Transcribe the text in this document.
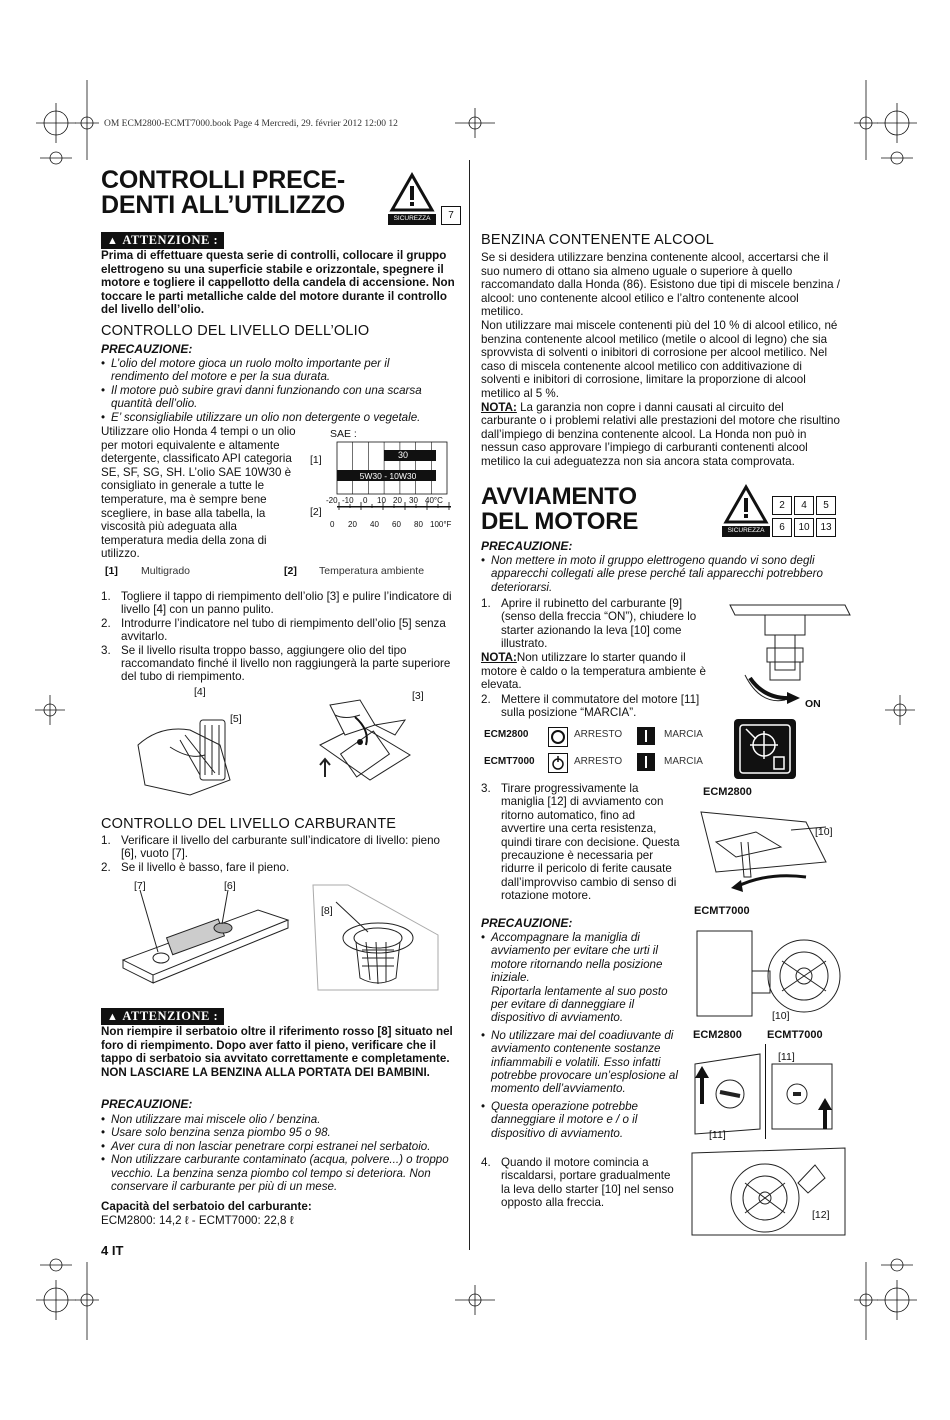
OM ECM2800-ECMT7000.book Page 4 Mercredi, 29. février 2012 12:00 12
CONTROLLI PRECE-
DENTI ALL’UTILIZZO	SICUREZZA	7
▲ ATTENZIONE :
Prima di effettuare questa serie di controlli, collocare il gruppo elettrogeno su una superficie stabile e orizzontale, spegnere il motore e togliere il cappellotto della candela di accensione. Non toccare le parti metalliche calde del motore durante il controllo del livello dell’olio.
CONTROLLO DEL LIVELLO DELL’OLIO
PRECAUZIONE:
• L’olio del motore gioca un ruolo molto importante per il rendimento del motore e per la sua durata.
• Il motore può subire gravi danni funzionando con una scarsa quantità dell’olio.
• E’ sconsigliabile utilizzare un olio non detergente o vegetale.
Utilizzare olio Honda 4 tempi o un olio per motori equivalente e altamente detergente, classificato API categoria SE, SF, SG, SH. L’olio SAE 10W30 è consigliato in generale a tutte le temperature, ma è sempre bene scegliere, in base alla tabella, la viscosità più adeguata alla temperatura media della zona di utilizzo.
SAE :
[1]
[2]
30
5W30 - 10W30
-20 -10 0 10 20 30 40°C
0 20 40 60 80 100°F
[1] Multigrado	[2] Temperatura ambiente
1. Togliere il tappo di riempimento dell’olio [3] e pulire l’indicatore di livello [4] con un panno pulito.
2. Introdurre l’indicatore nel tubo di riempimento dell’olio [5] senza avvitarlo.
3. Se il livello risulta troppo basso, aggiungere olio del tipo raccomandato finché il livello non raggiungerà la parte superiore del tubo di riempimento.
[4]
[5]
[3]
CONTROLLO DEL LIVELLO CARBURANTE
1. Verificare il livello del carburante sull’indicatore di livello: pieno [6], vuoto [7].
2. Se il livello è basso, fare il pieno.
[7]	[6]
[8]
▲ ATTENZIONE :
Non riempire il serbatoio oltre il riferimento rosso [8] situato nel foro di riempimento. Dopo aver fatto il pieno, verificare che il tappo di serbatoio sia avvitato correttamente e completamente.
NON LASCIARE LA BENZINA ALLA PORTATA DEI BAMBINI.
PRECAUZIONE:
• Non utilizzare mai miscele olio / benzina.
• Usare solo benzina senza piombo 95 o 98.
• Aver cura di non lasciar penetrare corpi estranei nel serbatoio.
• Non utilizzare carburante contaminato (acqua, polvere...) o troppo vecchio. La benzina senza piombo col tempo si deteriora. Non conservare il carburante per più di un mese.
Capacità del serbatoio del carburante:
ECM2800: 14,2 ℓ - ECMT7000: 22,8 ℓ
4 IT
BENZINA CONTENENTE ALCOOL
Se si desidera utilizzare benzina contenente alcool, accertarsi che il suo numero di ottano sia almeno uguale o superiore à quello raccomandato dalla Honda (86). Esistono due tipi di miscele benzina / alcool: uno contenente alcool etilico e l’altro contenente alcool metilico.
Non utilizzare mai miscele contenenti più del 10 % di alcool etilico, né benzina contenente alcool metilico (metile o alcool di legno) che sia sprovvista di solventi o inibitori di corrosione per alcool metilico. Nel caso di miscela contenente alcool metilico con additivazione di solventi e inibitori di corrosione, limitare la proporzione di alcool metilico al 5 %.
NOTA: La garanzia non copre i danni causati al circuito del carburante o i problemi relativi alle prestazioni del motore che risultino dall’impiego di benzina contenente alcool. La Honda non può in nessun caso approvare l’impiego di carburanti contenenti alcool metilico la cui adeguatezza non sia ancora stata comprovata.
AVVIAMENTO
DEL MOTORE	SICUREZZA
2	4	5
6	10	13
PRECAUZIONE:
• Non mettere in moto il gruppo elettrogeno quando vi sono degli apparecchi collegati alle prese perché tali apparecchi potrebbero deteriorarsi.
1. Aprire il rubinetto del carburante [9] (senso della freccia “ON”), chiudere lo starter azionando la leva [10] come illustrato.
NOTA:Non utilizzare lo starter quando il motore è caldo o la temperatura ambiente è elevata.
2. Mettere il commutatore del motore [11] sulla posizione “MARCIA”.
ON
ECM2800	ARRESTO	MARCIA
ECMT7000	ARRESTO	MARCIA
3. Tirare progressivamente la maniglia [12] di avviamento con ritorno automatico, fino ad avvertire una certa resistenza, quindi tirare con decisione. Questa precauzione è necessaria per ridurre il pericolo di ferite causate dall’improvviso cambio di senso di rotazione motore.
ECM2800
[10]
ECMT7000
[10]
PRECAUZIONE:
• Accompagnare la maniglia di avviamento per evitare che urti il motore ritornando nella posizione iniziale.
Riportarla lentamente al suo posto per evitare di danneggiare il dispositivo di avviamento.
• No utilizzare mai del coadiuvante di avviamento contenente sostanze infiammabili e volatili. Esso infatti potrebbe provocare un’esplosione al momento dell’avviamento.
• Questa operazione potrebbe danneggiare il motore e / o il dispositivo di avviamento.
4. Quando il motore comincia a riscaldarsi, portare gradualmente la leva dello starter [10] nel senso opposto alla freccia.
ECM2800 ECMT7000
[11]
[11]
[12]
